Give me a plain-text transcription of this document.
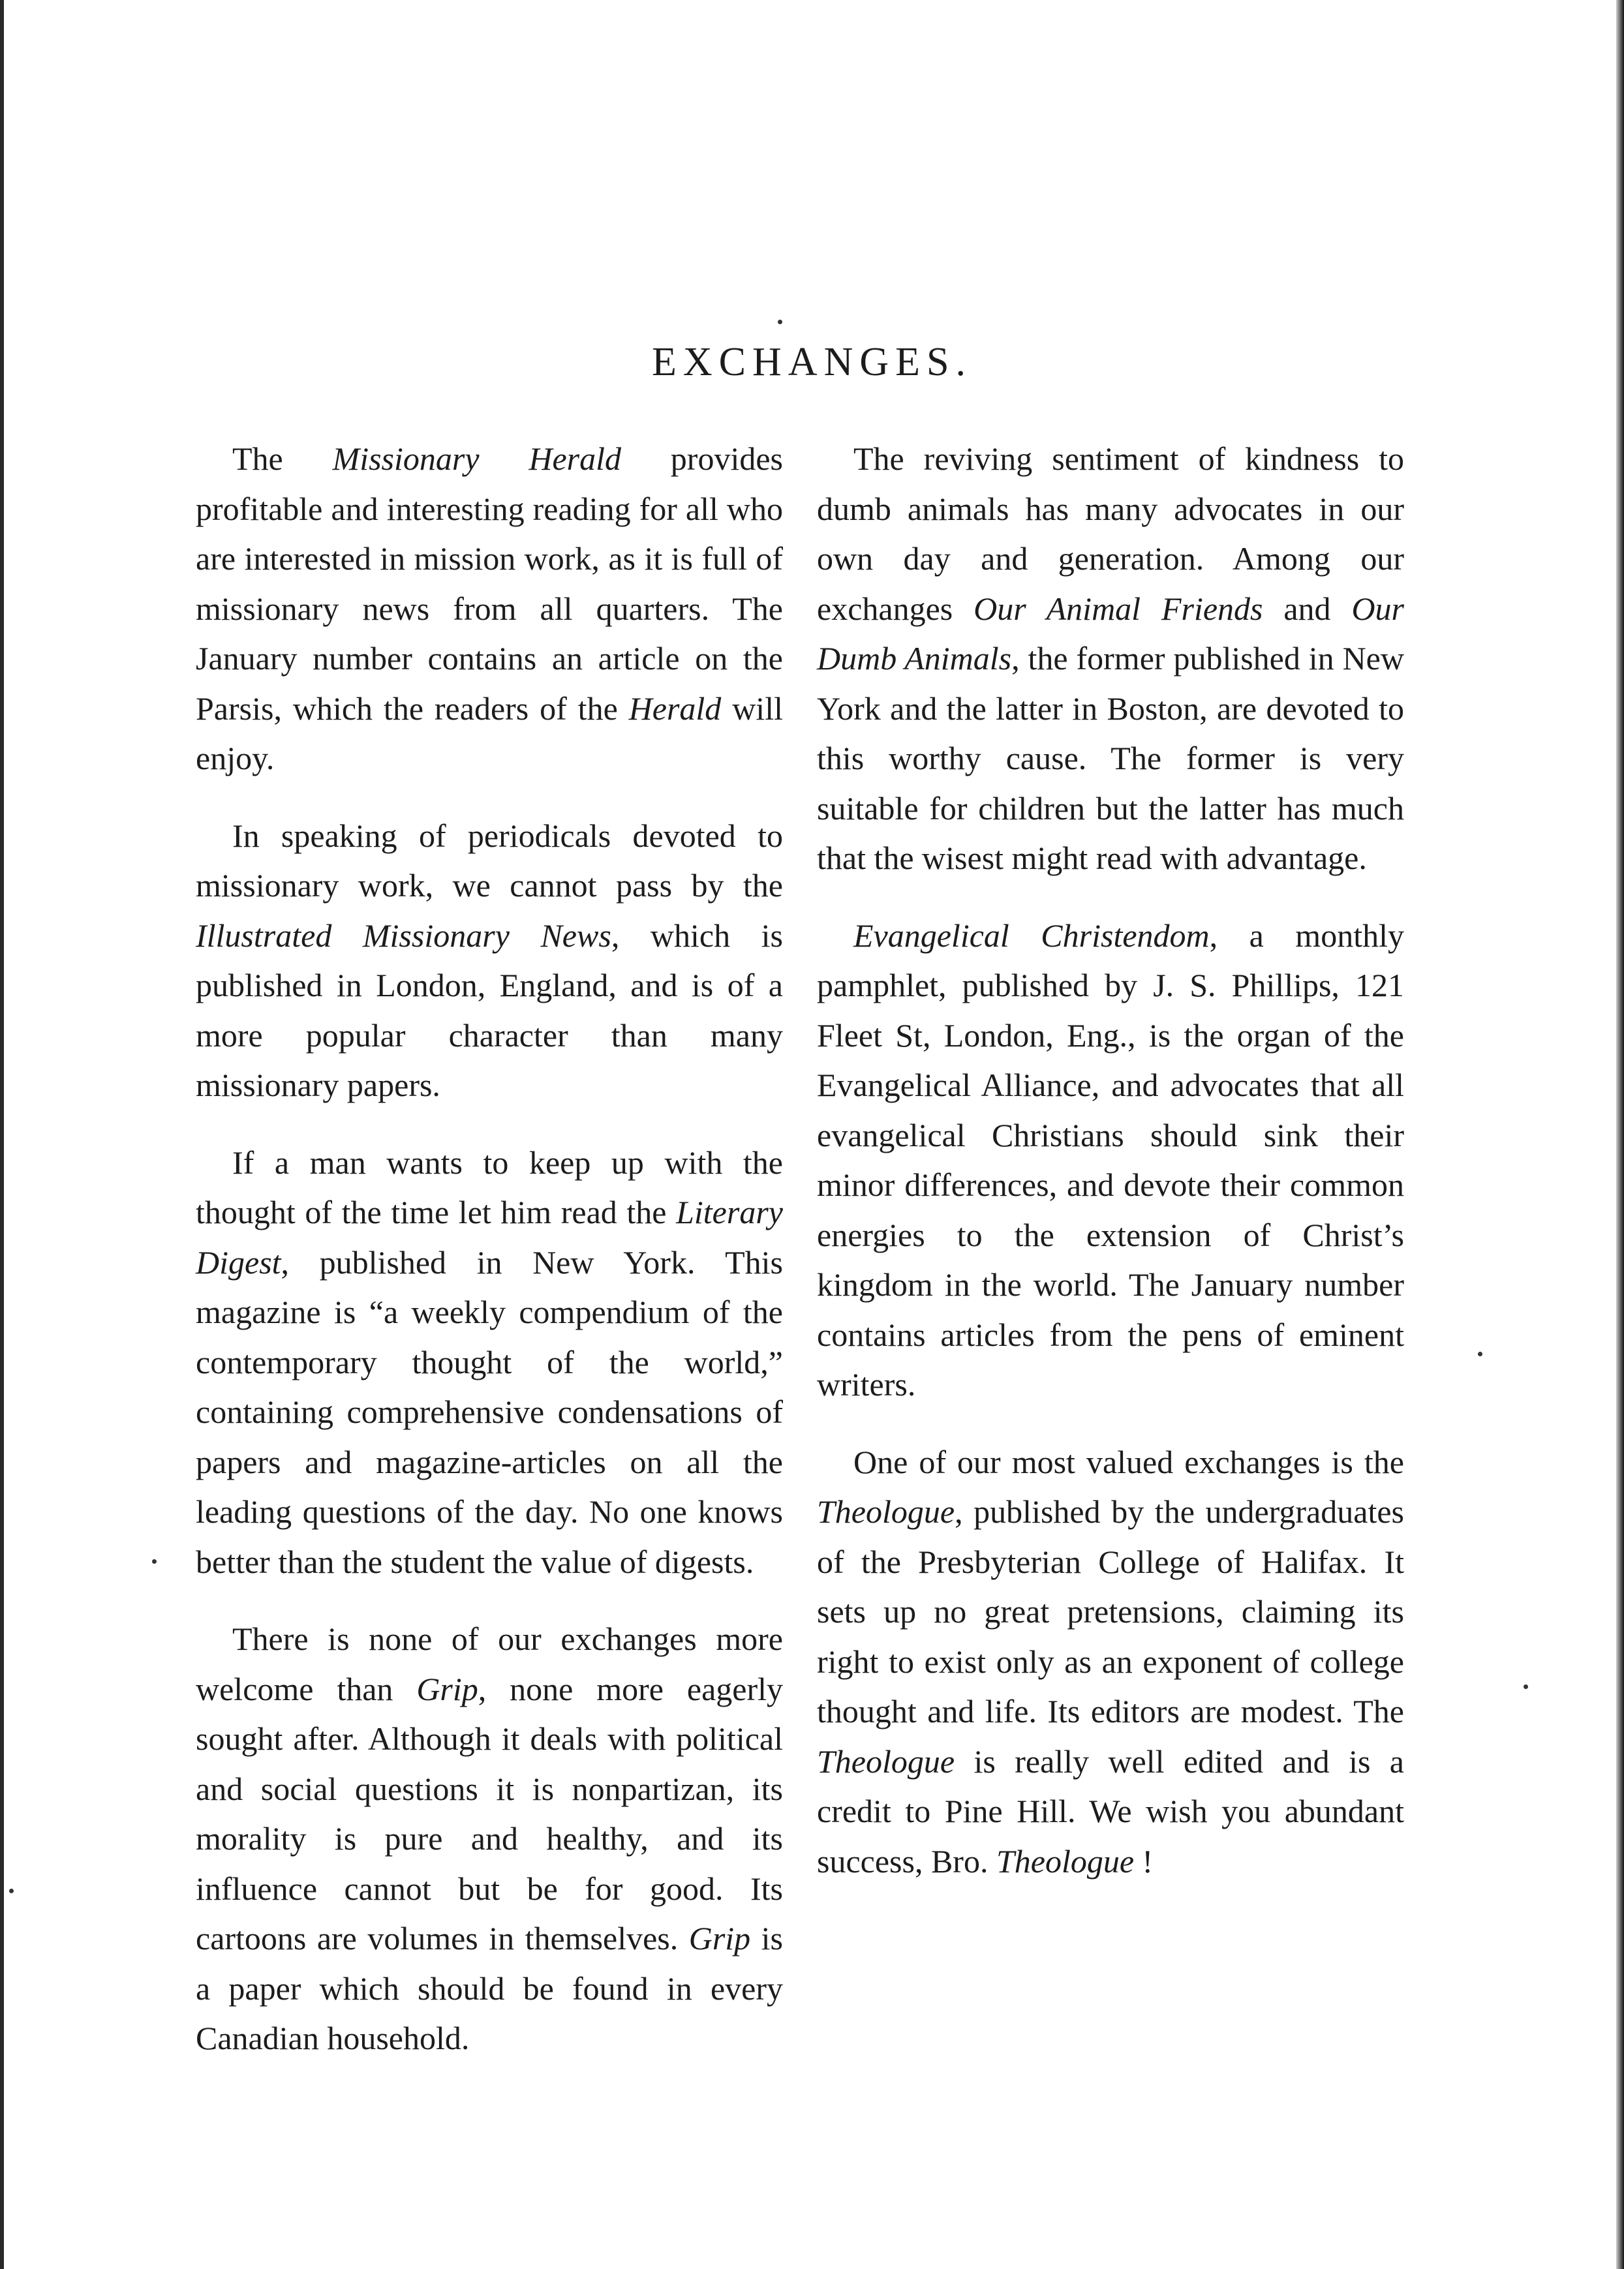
EXCHANGES.

The Missionary Herald provides profitable and interesting reading for all who are interested in mission work, as it is full of missionary news from all quarters. The January number contains an article on the Parsis, which the readers of the Herald will enjoy.

In speaking of periodicals devoted to missionary work, we cannot pass by the Illustrated Missionary News, which is published in London, England, and is of a more popular character than many missionary papers.

If a man wants to keep up with the thought of the time let him read the Literary Digest, published in New York. This magazine is “a weekly compendium of the contemporary thought of the world,” containing comprehensive condensations of papers and magazine-articles on all the leading questions of the day. No one knows better than the student the value of digests.

There is none of our exchanges more welcome than Grip, none more eagerly sought after. Although it deals with political and social questions it is nonpartizan, its morality is pure and healthy, and its influence cannot but be for good. Its cartoons are volumes in themselves. Grip is a paper which should be found in every Canadian household.

The reviving sentiment of kindness to dumb animals has many advocates in our own day and generation. Among our exchanges Our Animal Friends and Our Dumb Animals, the former published in New York and the latter in Boston, are devoted to this worthy cause. The former is very suitable for children but the latter has much that the wisest might read with advantage.

Evangelical Christendom, a monthly pamphlet, published by J. S. Phillips, 121 Fleet St, London, Eng., is the organ of the Evangelical Alliance, and advocates that all evangelical Christians should sink their minor differences, and devote their common energies to the extension of Christ’s kingdom in the world. The January number contains articles from the pens of eminent writers.

One of our most valued exchanges is the Theologue, published by the undergraduates of the Presbyterian College of Halifax. It sets up no great pretensions, claiming its right to exist only as an exponent of college thought and life. Its editors are modest. The Theologue is really well edited and is a credit to Pine Hill. We wish you abundant success, Bro. Theologue !
